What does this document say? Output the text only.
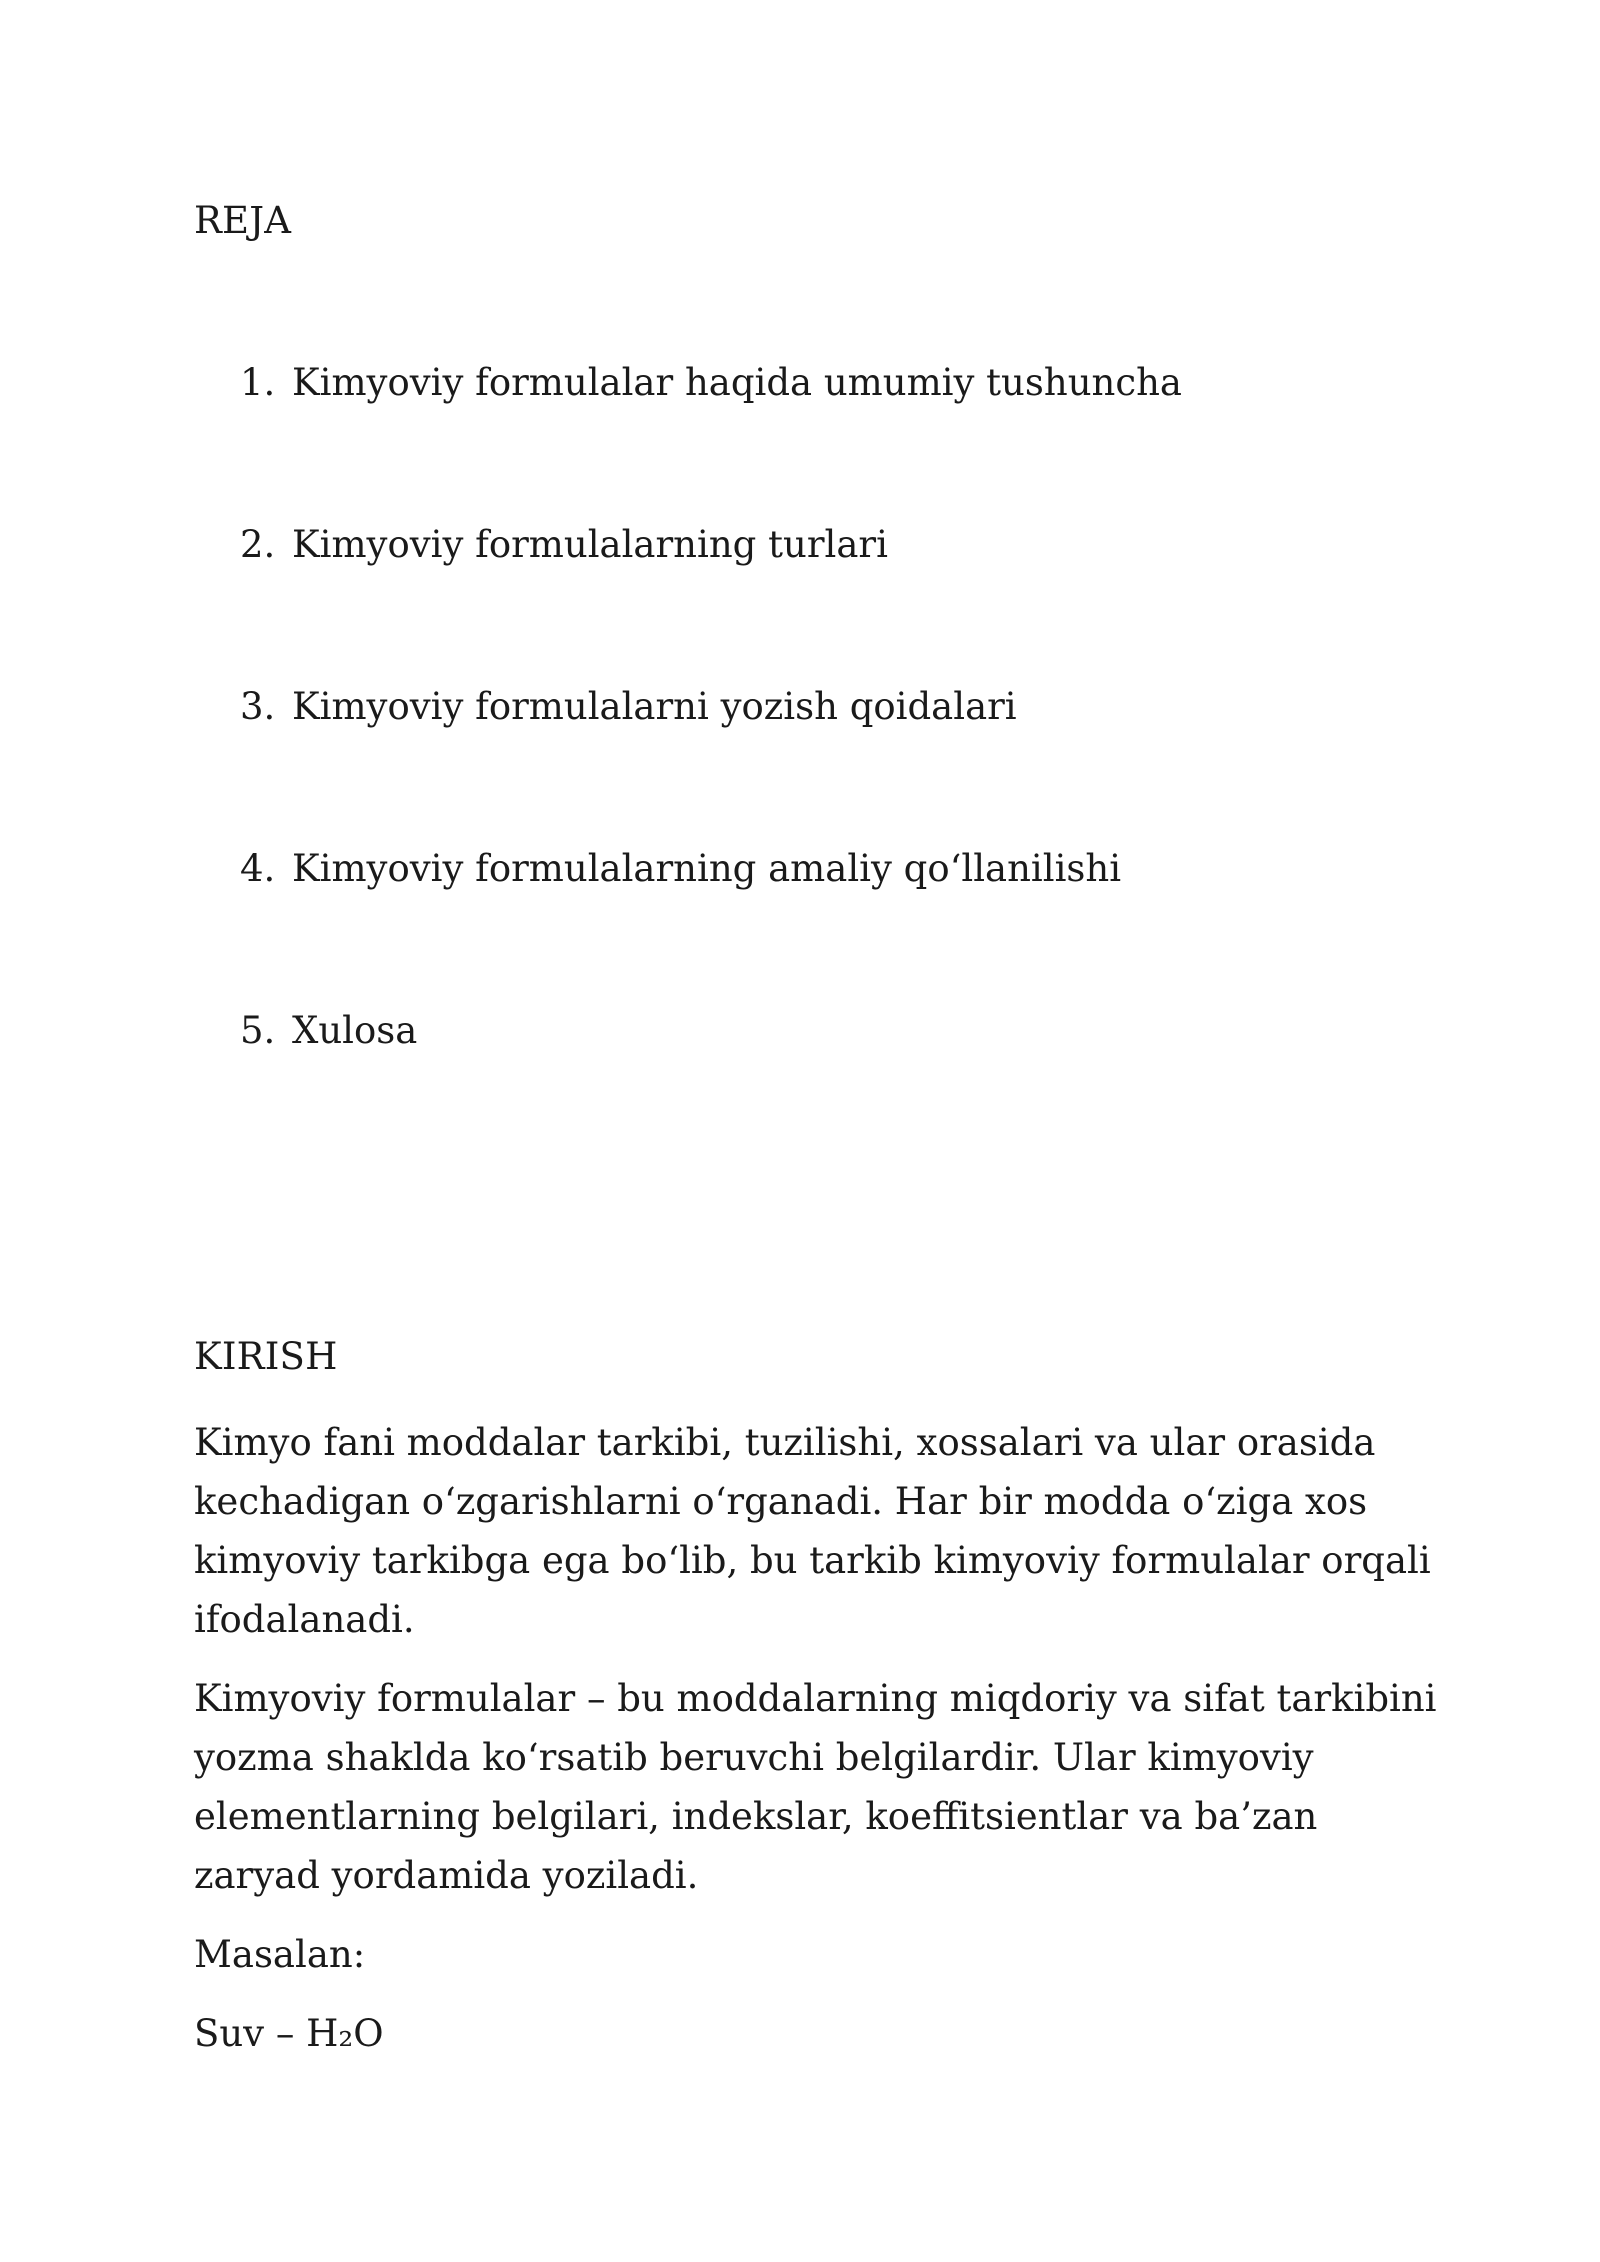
REJA
1. Kimyoviy formulalar haqida umumiy tushuncha
2. Kimyoviy formulalarning turlari
3. Kimyoviy formulalarni yozish qoidalari
4. Kimyoviy formulalarning amaliy qo‘llanilishi
5. Xulosa
KIRISH

Kimyo fani moddalar tarkibi, tuzilishi, xossalari va ular orasida kechadigan o‘zgarishlarni o‘rganadi. Har bir modda o‘ziga xos kimyoviy tarkibga ega bo‘lib, bu tarkib kimyoviy formulalar orqali ifodalanadi.

Kimyoviy formulalar – bu moddalarning miqdoriy va sifat tarkibini yozma shaklda ko‘rsatib beruvchi belgilardir. Ular kimyoviy elementlarning belgilari, indekslar, koeffitsientlar va ba’zan zaryad yordamida yoziladi.

Masalan:

Suv – H₂O
